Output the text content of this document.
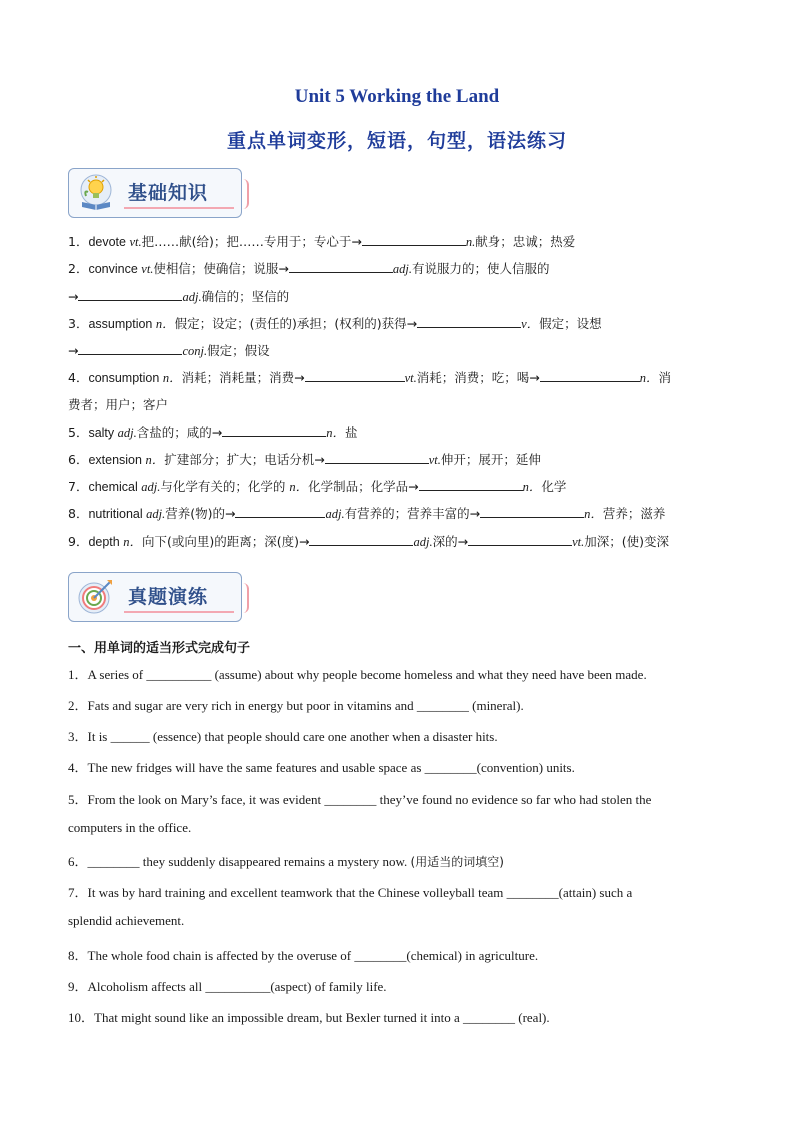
Unit 5 Working the Land
重点单词变形，短语，句型，语法练习
基础知识
1．devote vt.把……献(给)；把……专用于；专心于→	n.献身；忠诚；热爱
2．convince vt.使相信；使确信；说服→	adj.有说服力的；使人信服的
→	adj.确信的；坚信的
3．assumption n．假定；设定；(责任的)承担；(权利的)获得→	v．假定；设想
→	conj.假定；假设
4．consumption n．消耗；消耗量；消费→	vt.消耗；消费；吃；喝→	n．消
费者；用户；客户
5．salty adj.含盐的；咸的→	n．盐
6．extension n．扩建部分；扩大；电话分机→	vt.伸开；展开；延伸
7．chemical adj.与化学有关的；化学的 n．化学制品；化学品→	n．化学
8．nutritional adj.营养(物)的→	adj.有营养的；营养丰富的→	n．营养；滋养
9．depth n．向下(或向里)的距离；深(度)→	adj.深的→	vt.加深；(使)变深
真题演练
一、用单词的适当形式完成句子
1．A series of __________ (assume) about why people become homeless and what they need have been made.
2．Fats and sugar are very rich in energy but poor in vitamins and ________ (mineral).
3．It is ______ (essence) that people should care one another when a disaster hits.
4．The new fridges will have the same features and usable space as ________(convention) units.
5．From the look on Mary’s face, it was evident ________ they’ve found no evidence so far who had stolen the
computers in the office.
6．________ they suddenly disappeared remains a mystery now. (用适当的词填空)
7．It was by hard training and excellent teamwork that the Chinese volleyball team ________(attain) such a
splendid achievement.
8．The whole food chain is affected by the overuse of ________(chemical) in agriculture.
9．Alcoholism affects all __________(aspect) of family life.
10．That might sound like an impossible dream, but Bexler turned it into a ________ (real).
